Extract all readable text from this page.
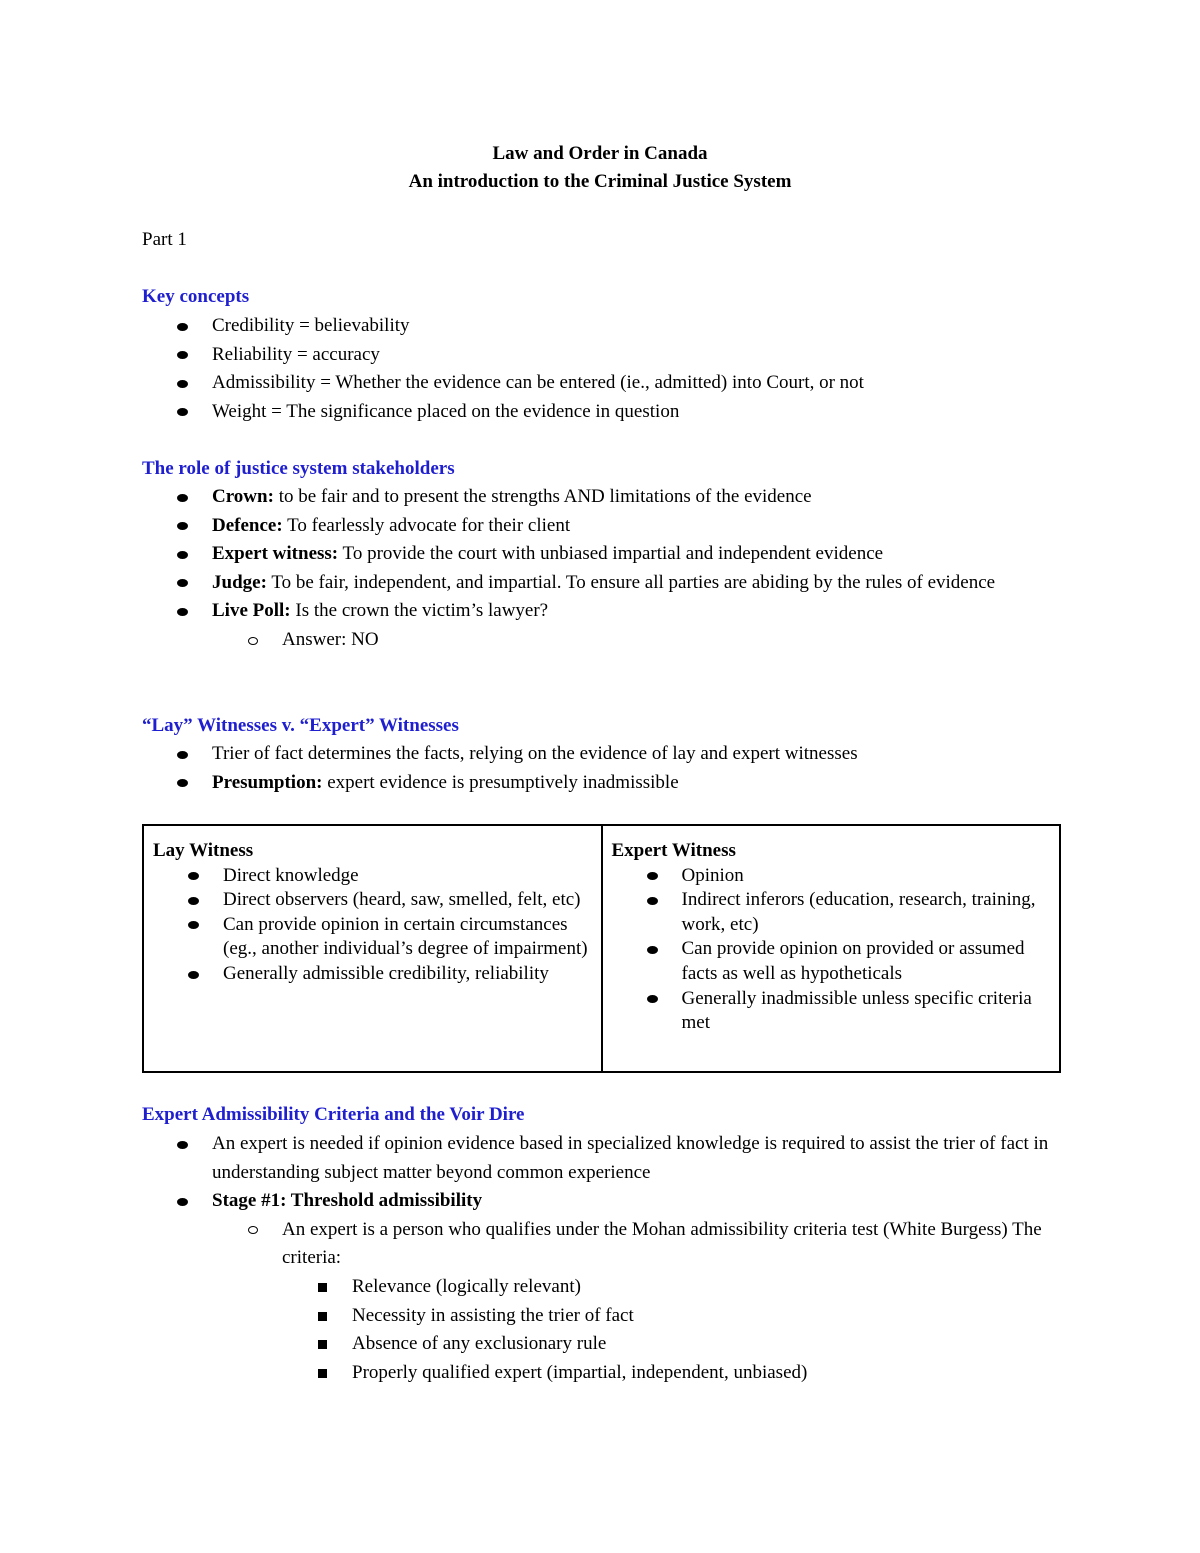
Law and Order in Canada
An introduction to the Criminal Justice System
Part 1
Key concepts
Credibility = believability
Reliability = accuracy
Admissibility = Whether the evidence can be entered (ie., admitted) into Court, or not
Weight = The significance placed on the evidence in question
The role of justice system stakeholders
Crown: to be fair and to present the strengths AND limitations of the evidence
Defence: To fearlessly advocate for their client
Expert witness: To provide the court with unbiased impartial and independent evidence
Judge: To be fair, independent, and impartial. To ensure all parties are abiding by the rules of evidence
Live Poll: Is the crown the victim’s lawyer?
Answer: NO
“Lay” Witnesses v. “Expert” Witnesses
Trier of fact determines the facts, relying on the evidence of lay and expert witnesses
Presumption: expert evidence is presumptively inadmissible
Lay Witness
Direct knowledge
Direct observers (heard, saw, smelled, felt, etc)
Can provide opinion in certain circumstances (eg., another individual’s degree of impairment)
Generally admissible credibility, reliability

Expert Witness
Opinion
Indirect inferors (education, research, training, work, etc)
Can provide opinion on provided or assumed facts as well as hypotheticals
Generally inadmissible unless specific criteria met
Expert Admissibility Criteria and the Voir Dire
An expert is needed if opinion evidence based in specialized knowledge is required to assist the trier of fact in understanding subject matter beyond common experience
Stage #1: Threshold admissibility
An expert is a person who qualifies under the Mohan admissibility criteria test (White Burgess) The criteria:
Relevance (logically relevant)
Necessity in assisting the trier of fact
Absence of any exclusionary rule
Properly qualified expert (impartial, independent, unbiased)
